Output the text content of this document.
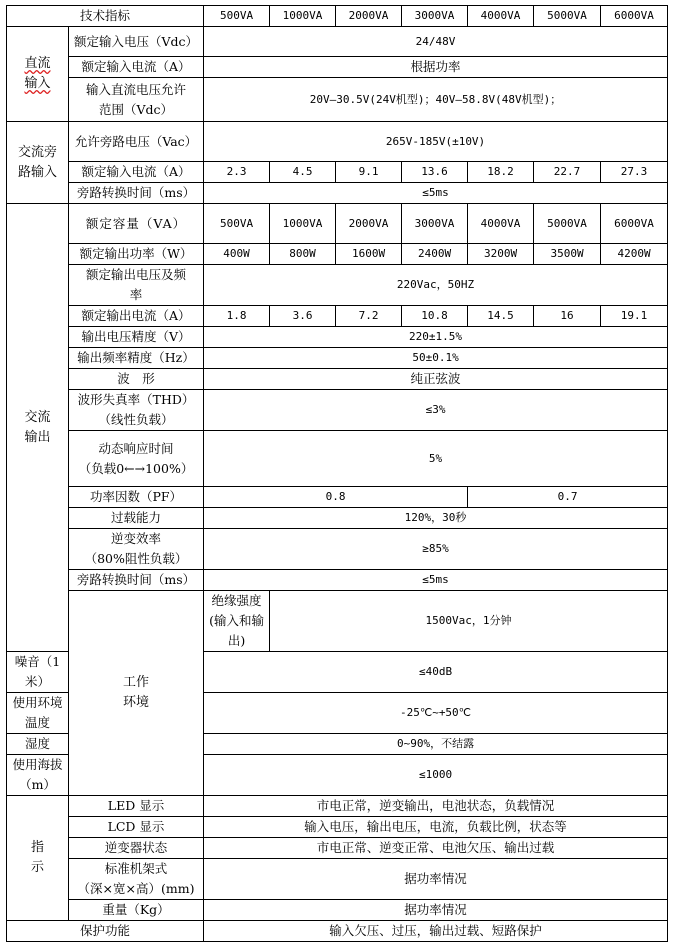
技术指标		500VA	1000VA	2000VA	3000VA	4000VA	5000VA	6000VA
直流
输入	额定输入电压（Vdc）	24/48V						
	额定输入电流（A）	根据功率						
	输入直流电压允许
范围（Vdc）	20V—30.5V(24V机型)；40V—58.8V(48V机型)；						
交流旁
路输入	允许旁路电压（Vac）	265V-185V(±10V)						
	额定输入电流（A）	2.3	4.5	9.1	13.6	18.2	22.7	27.3
	旁路转换时间（ms）	≤5ms						
交流
输出	额定容量（VA）	500VA	1000VA	2000VA	3000VA	4000VA	5000VA	6000VA
	额定输出功率（W）	400W	800W	1600W	2400W	3200W	3500W	4200W
	额定输出电压及频
率	220Vac，50HZ						
	额定输出电流（A）	1.8	3.6	7.2	10.8	14.5	16	19.1
	输出电压精度（V）	220±1.5%						
	输出频率精度（Hz）	50±0.1%						
	波　形	纯正弦波						
	波形失真率（THD）
（线性负载）	≤3%						
	动态响应时间
（负载0←→100%）	5%						
	功率因数（PF）	0.8				0.7		
	过载能力	120%，30秒						
	逆变效率
（80%阻性负载）	≥85%						
	旁路转换时间（ms）	≤5ms						
	工作
环境	绝缘强度(输入和输
出)	1500Vac，1分钟					
噪音（1米）		≤40dB						
使用环境温度		-25℃~+50℃						
湿度		0~90%，不结露						
使用海拔（m）		≤1000						
指
示	LED 显示	市电正常，逆变输出，电池状态，负载情况						
	LCD 显示	输入电压，输出电压，电流，负载比例，状态等						
	逆变器状态	市电正常、逆变正常、电池欠压、输出过载						
	标准机架式
（深×宽×高）(mm)	据功率情况						
	重量（Kg）	据功率情况						
保护功能		输入欠压、过压，输出过载、短路保护						
